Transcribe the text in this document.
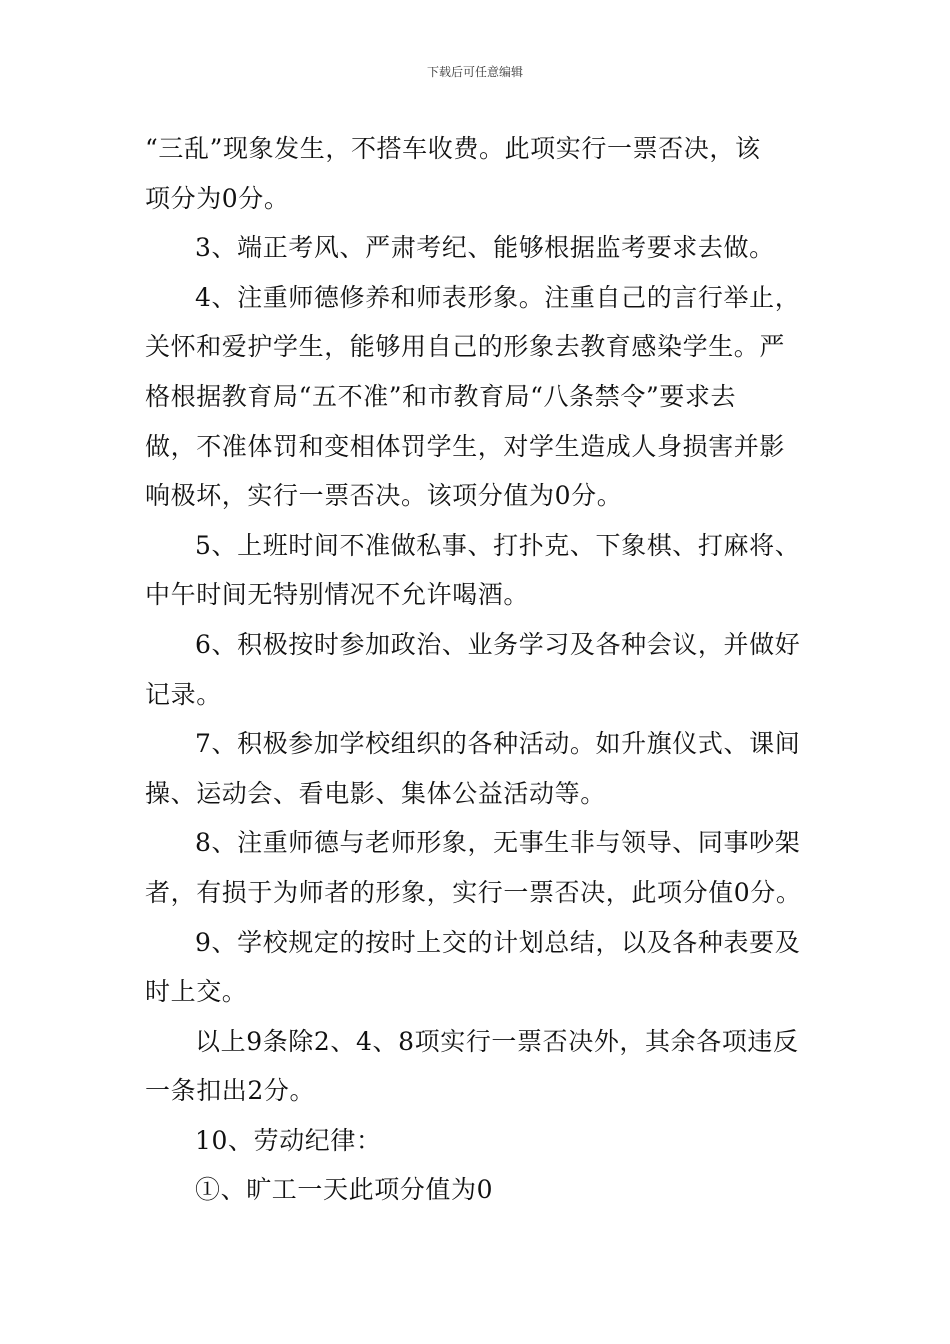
下载后可任意编辑

“三乱”现象发生，不搭车收费。此项实行一票否决，该

项分为0分。

3、端正考风、严肃考纪、能够根据监考要求去做。

4、注重师德修养和师表形象。注重自己的言行举止，

关怀和爱护学生，能够用自己的形象去教育感染学生。严

格根据教育局“五不准”和市教育局“八条禁令”要求去

做，不准体罚和变相体罚学生，对学生造成人身损害并影

响极坏，实行一票否决。该项分值为0分。

5、上班时间不准做私事、打扑克、下象棋、打麻将、

中午时间无特别情况不允许喝酒。

6、积极按时参加政治、业务学习及各种会议，并做好

记录。

7、积极参加学校组织的各种活动。如升旗仪式、课间

操、运动会、看电影、集体公益活动等。

8、注重师德与老师形象，无事生非与领导、同事吵架

者，有损于为师者的形象，实行一票否决，此项分值0分。

9、学校规定的按时上交的计划总结，以及各种表要及

时上交。

以上9条除2、4、8项实行一票否决外，其余各项违反

一条扣出2分。

10、劳动纪律：

①、旷工一天此项分值为0
